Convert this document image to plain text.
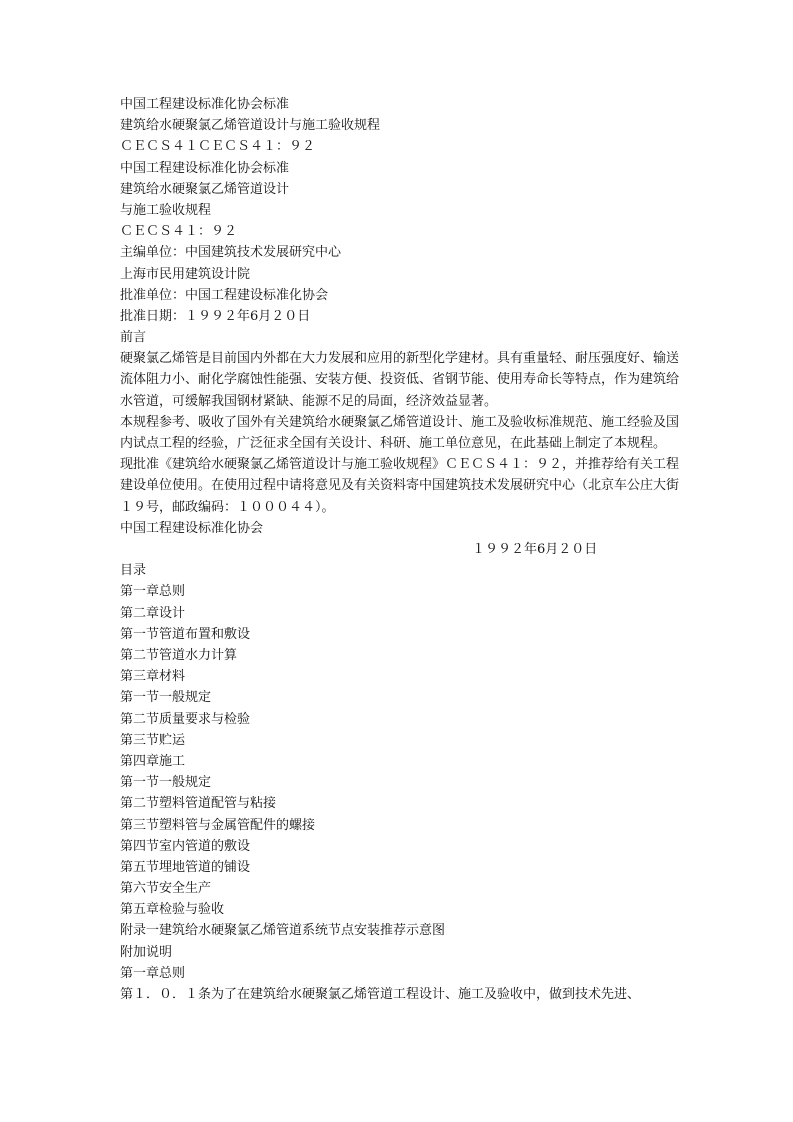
中国工程建设标准化协会标准
建筑给水硬聚氯乙烯管道设计与施工验收规程
ＣＥＣＳ４１ＣＥＣＳ４１：９２
中国工程建设标准化协会标准
建筑给水硬聚氯乙烯管道设计
与施工验收规程
ＣＥＣＳ４１：９２
主编单位：中国建筑技术发展研究中心
上海市民用建筑设计院
批准单位：中国工程建设标准化协会
批准日期：１９９２年6月２０日
前言
硬聚氯乙烯管是目前国内外都在大力发展和应用的新型化学建材。具有重量轻、耐压强度好、输送流体阻力小、耐化学腐蚀性能强、安装方便、投资低、省钢节能、使用寿命长等特点，作为建筑给水管道，可缓解我国钢材紧缺、能源不足的局面，经济效益显著。
本规程参考、吸收了国外有关建筑给水硬聚氯乙烯管道设计、施工及验收标准规范、施工经验及国内试点工程的经验，广泛征求全国有关设计、科研、施工单位意见，在此基础上制定了本规程。
现批准《建筑给水硬聚氯乙烯管道设计与施工验收规程》ＣＥＣＳ４１：９２，并推荐给有关工程建设单位使用。在使用过程中请将意见及有关资料寄中国建筑技术发展研究中心（北京车公庄大街１９号，邮政编码：１０００４４）。
中国工程建设标准化协会
１９９２年6月２０日
目录
第一章总则
第二章设计
第一节管道布置和敷设
第二节管道水力计算
第三章材料
第一节一般规定
第二节质量要求与检验
第三节贮运
第四章施工
第一节一般规定
第二节塑料管道配管与粘接
第三节塑料管与金属管配件的螺接
第四节室内管道的敷设
第五节埋地管道的铺设
第六节安全生产
第五章检验与验收
附录一建筑给水硬聚氯乙烯管道系统节点安装推荐示意图
附加说明
第一章总则
第１．０．１条为了在建筑给水硬聚氯乙烯管道工程设计、施工及验收中，做到技术先进、
